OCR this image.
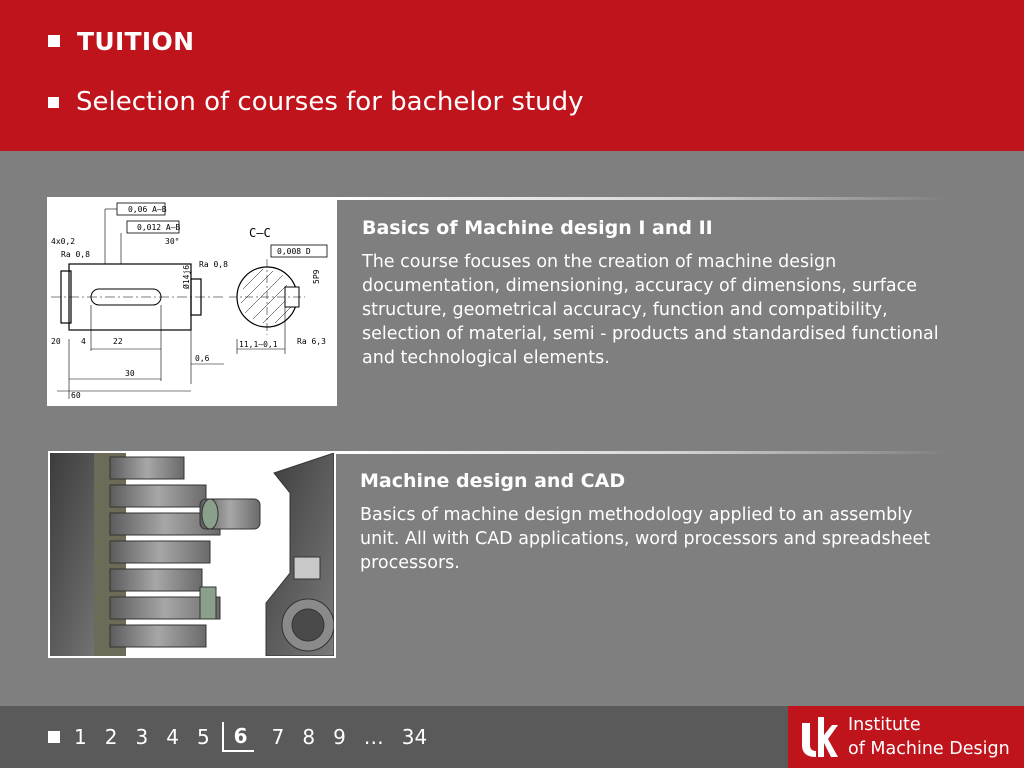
TUITION
Selection of courses for bachelor study
0,06 A–B
0,012 A–B
4x0,2
Ra 0,8
Ra 0,8
30°
22
30
60
0,6
4
20
Ø14j6
C–C
0,008 D
5P9
11,1–0,1 Ra 6,3
Basics of Machine design I and II
The course focuses on the creation of machine design documentation, dimensioning, accuracy of dimensions, surface structure, geometrical accuracy, function and compatibility, selection of material, semi - products and standardised functional and technological elements.
Machine design and CAD
Basics of machine design methodology applied to an assembly unit. All with CAD applications, word processors and spreadsheet processors.
1 2 3 4 5	6	7 8 9 … 34	Institute
of Machine Design
